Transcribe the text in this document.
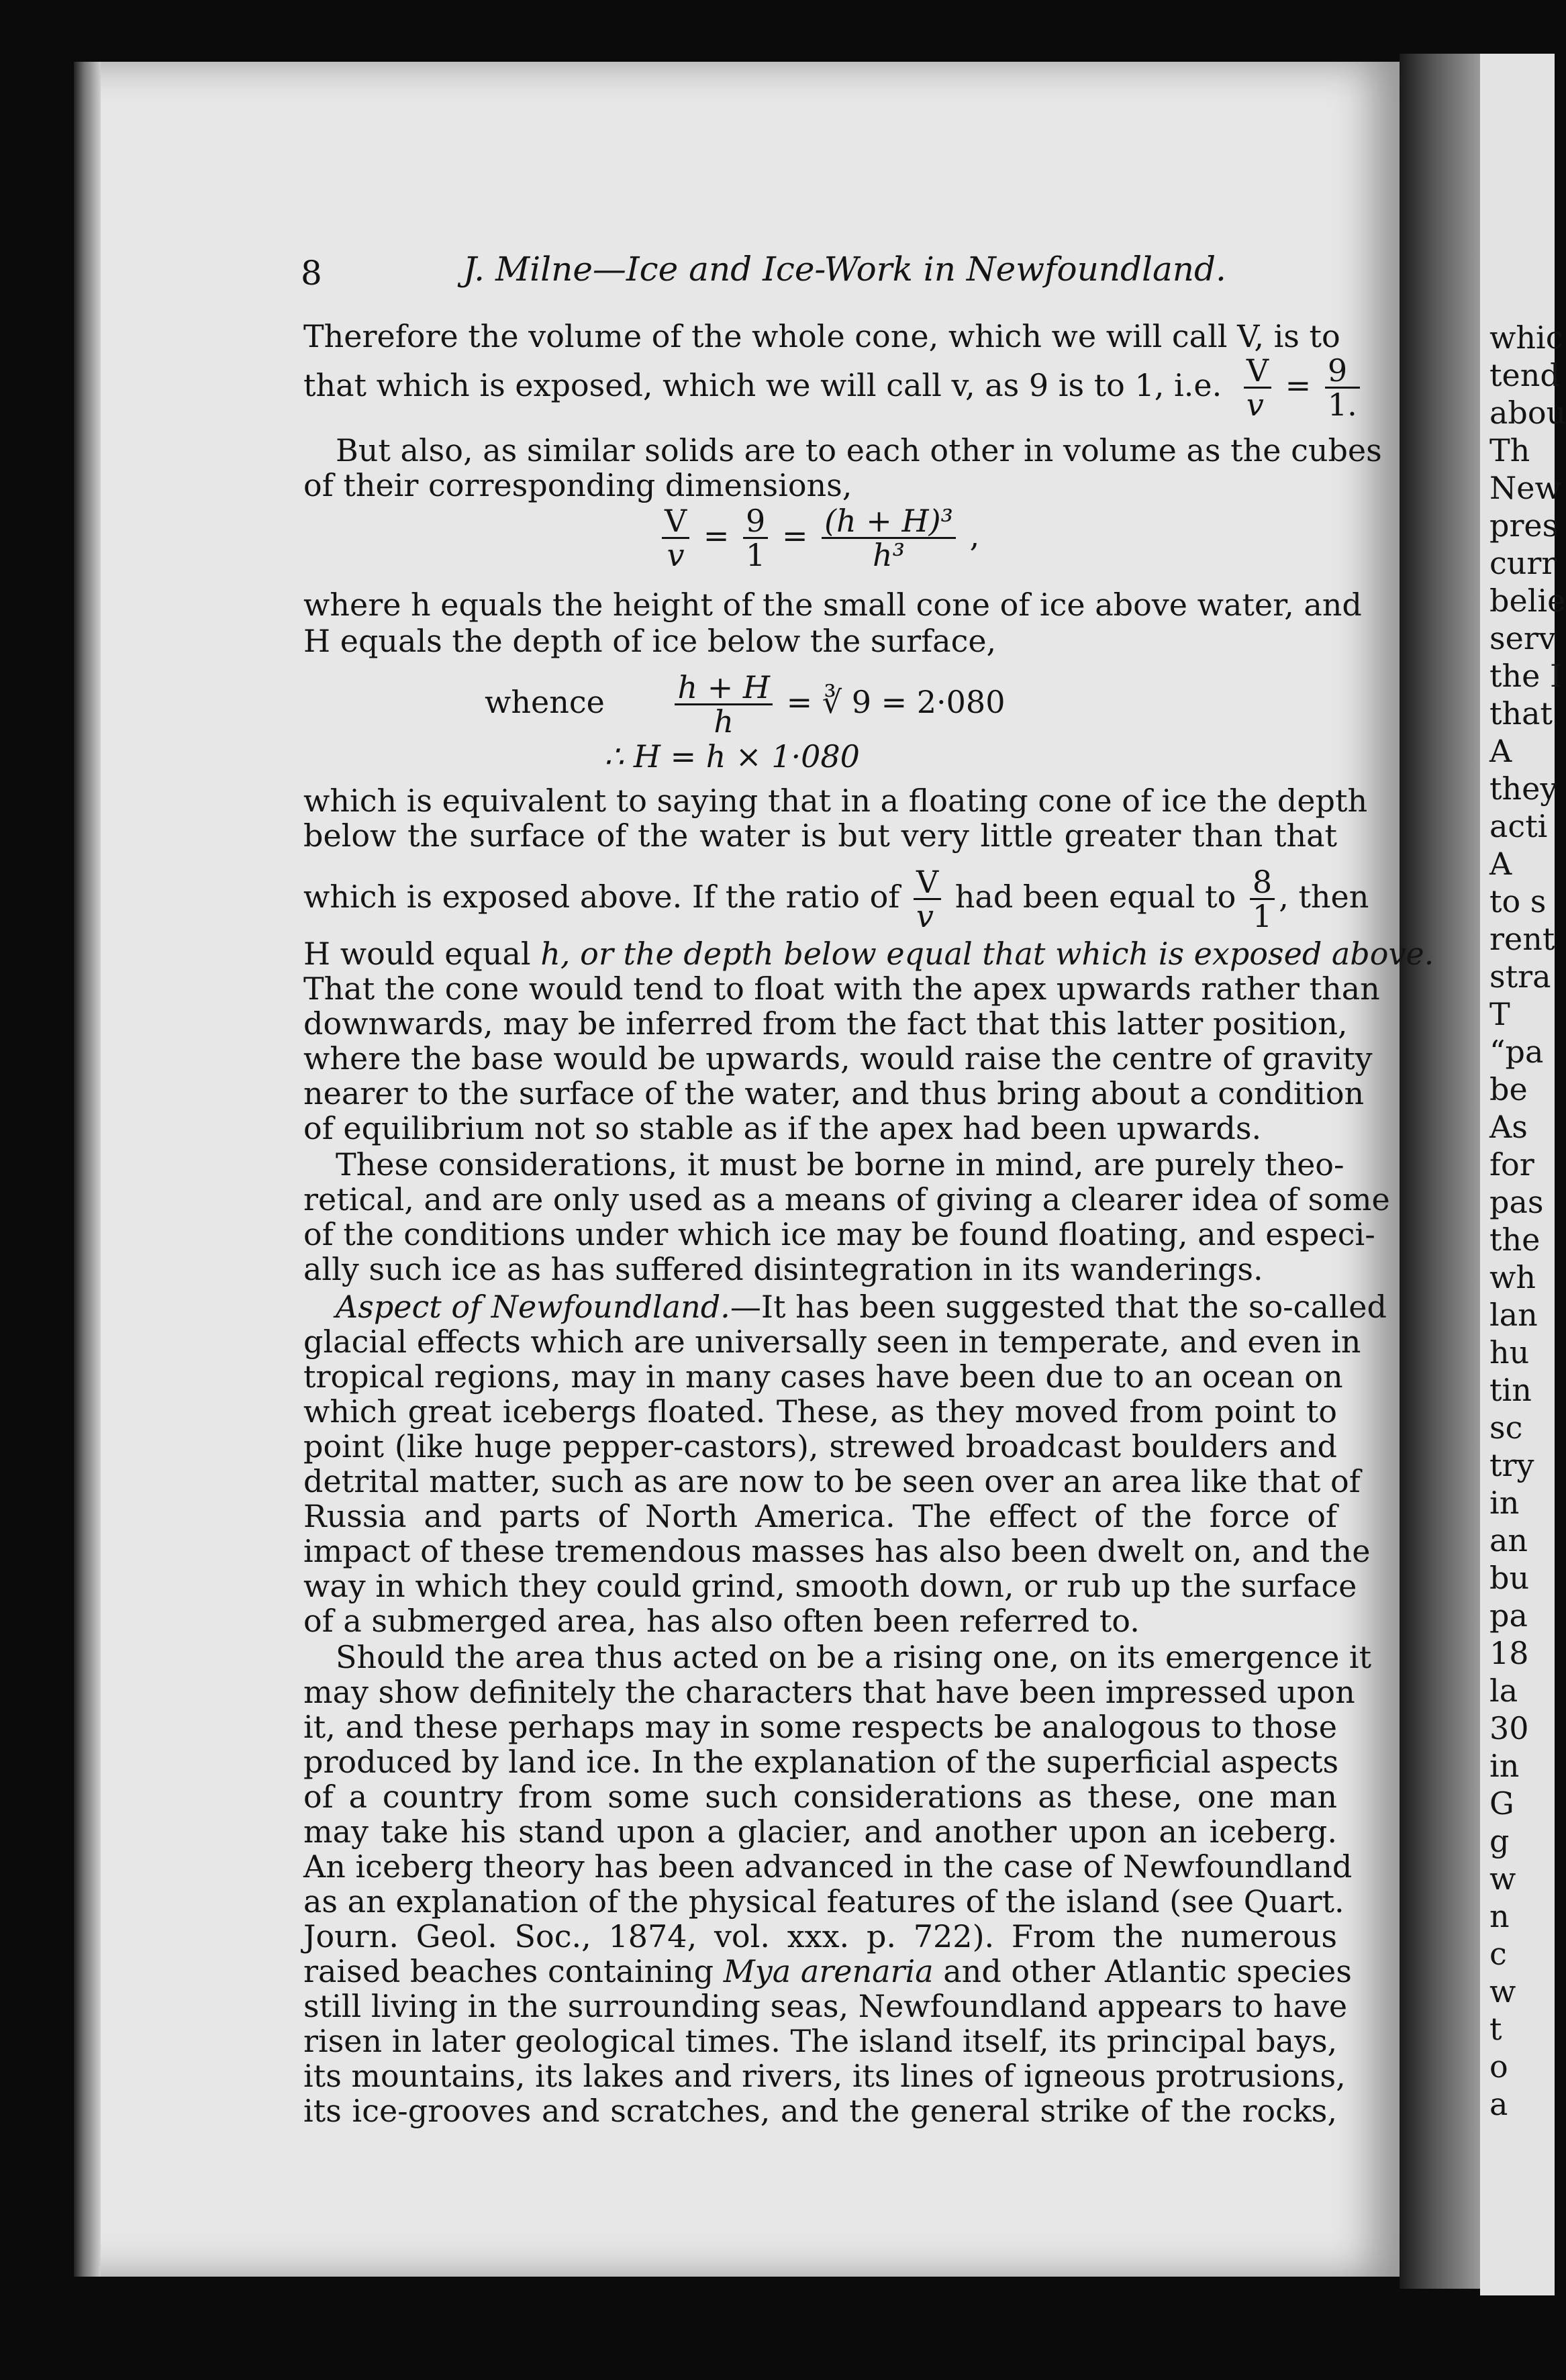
8	J. Milne—Ice and Ice-Work in Newfoundland.
whic
tend
abou
Th
New
pres
curr
belie
serv
the I
that
A
they
acti
A
to s
rent
stra
T
“pa
be
As
for
pas
the
wh
lan
hu
tin
sc
try
in
an
bu
pa
18
la
30
in
G
g
w
n
c
w
t
o
a
Therefore the volume of the whole cone, which we will call V, is to
that which is exposed, which we will call v, as 9 is to 1, i.e. $\frac{V}{v} = \frac{9}{1.}$
But also, as similar solids are to each other in volume as the cubes
of their corresponding dimensions,
$\frac{V}{v} = \frac{9}{1} = \frac{\text{(h + H)³}}{\text{h³}}$ ,
where h equals the height of the small cone of ice above water, and
H equals the depth of ice below the surface,
whence $\frac{h + H}{h}$ = ∛ 9 = 2·080
∴ H = h × 1·080
which is equivalent to saying that in a floating cone of ice the depth
below the surface of the water is but very little greater than that
which is exposed above. If the ratio of $\frac{V}{v}$ had been equal to $\frac{8}{1}$ , then
H would equal h, or the depth below equal that which is exposed above.
That the cone would tend to float with the apex upwards rather than
downwards, may be inferred from the fact that this latter position,
where the base would be upwards, would raise the centre of gravity
nearer to the surface of the water, and thus bring about a condition
of equilibrium not so stable as if the apex had been upwards.
These considerations, it must be borne in mind, are purely theo-
retical, and are only used as a means of giving a clearer idea of some
of the conditions under which ice may be found floating, and especi-
ally such ice as has suffered disintegration in its wanderings.
Aspect of Newfoundland.—It has been suggested that the so-called
glacial effects which are universally seen in temperate, and even in
tropical regions, may in many cases have been due to an ocean on
which great icebergs floated. These, as they moved from point to
point (like huge pepper-castors), strewed broadcast boulders and
detrital matter, such as are now to be seen over an area like that of
Russia and parts of North America. The effect of the force of
impact of these tremendous masses has also been dwelt on, and the
way in which they could grind, smooth down, or rub up the surface
of a submerged area, has also often been referred to.
Should the area thus acted on be a rising one, on its emergence it
may show definitely the characters that have been impressed upon
it, and these perhaps may in some respects be analogous to those
produced by land ice. In the explanation of the superficial aspects
of a country from some such considerations as these, one man
may take his stand upon a glacier, and another upon an iceberg.
An iceberg theory has been advanced in the case of Newfoundland
as an explanation of the physical features of the island (see Quart.
Journ. Geol. Soc., 1874, vol. xxx. p. 722). From the numerous
raised beaches containing Mya arenaria and other Atlantic species
still living in the surrounding seas, Newfoundland appears to have
risen in later geological times. The island itself, its principal bays,
its mountains, its lakes and rivers, its lines of igneous protrusions,
its ice-grooves and scratches, and the general strike of the rocks,
